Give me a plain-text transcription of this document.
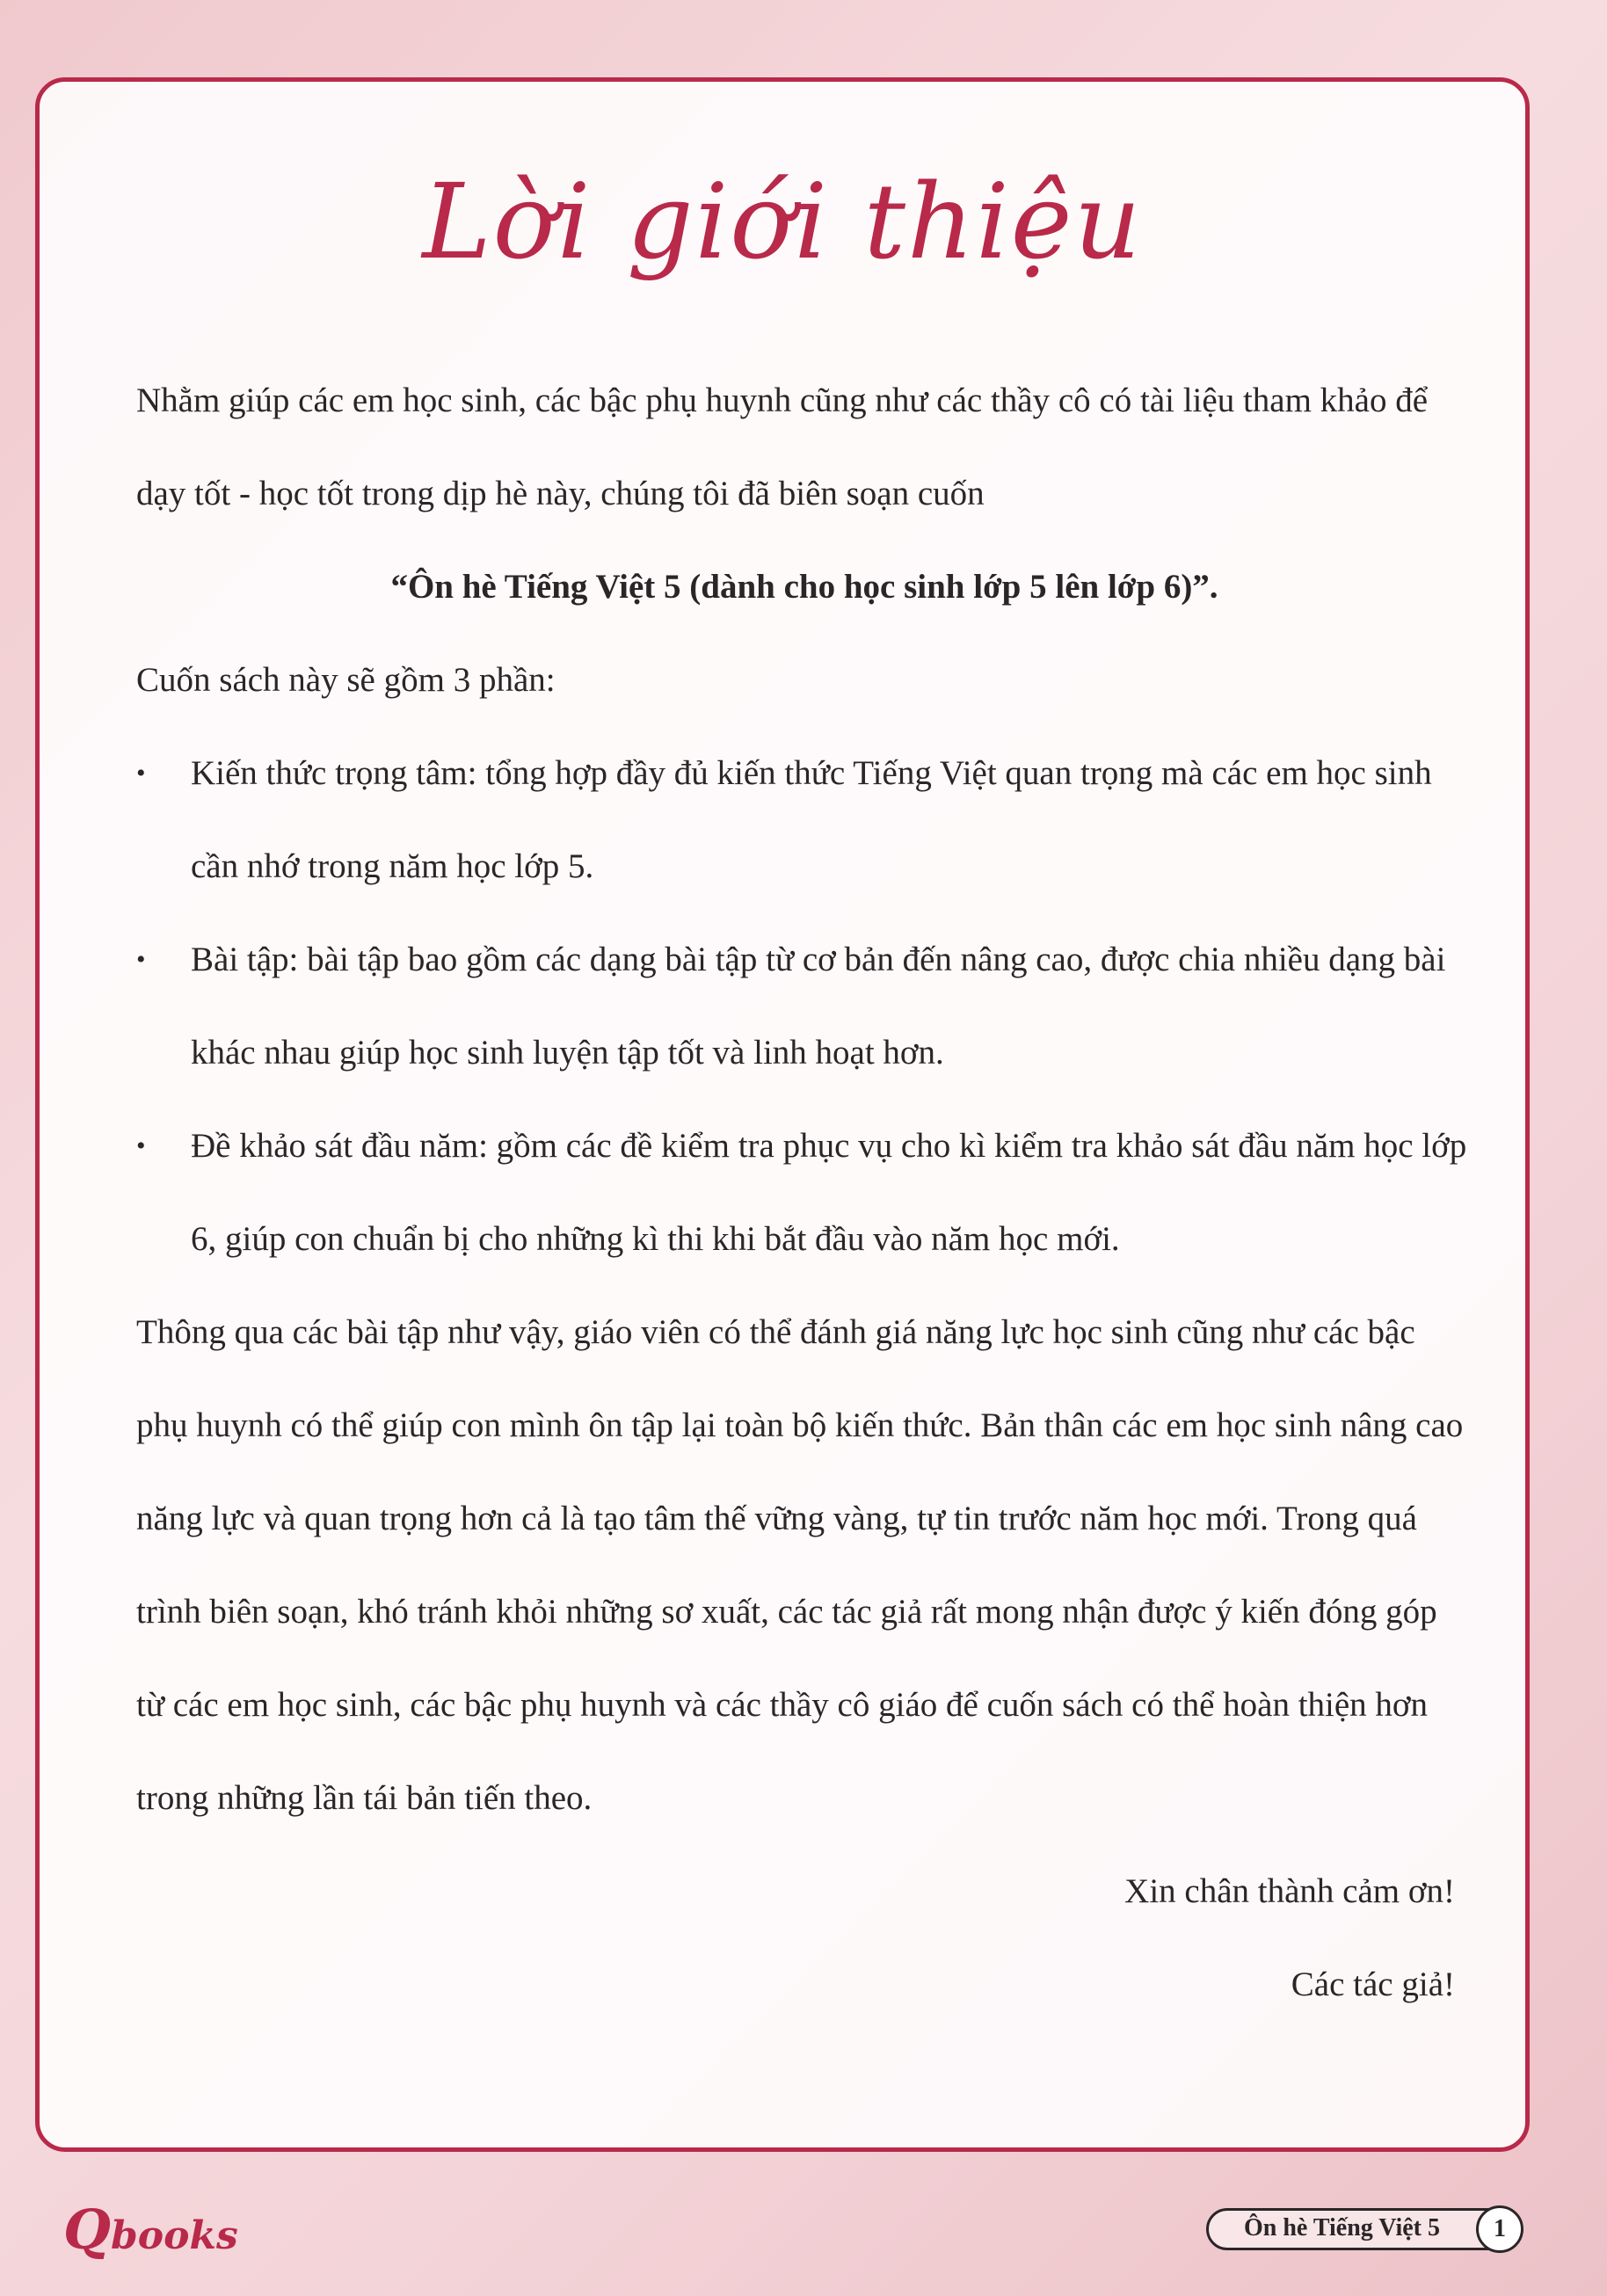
Lời giới thiệu

Nhằm giúp các em học sinh, các bậc phụ huynh cũng như các thầy cô có tài liệu tham khảo để dạy tốt - học tốt trong dịp hè này, chúng tôi đã biên soạn cuốn

“Ôn hè Tiếng Việt 5 (dành cho học sinh lớp 5 lên lớp 6)”.

Cuốn sách này sẽ gồm 3 phần:

• Kiến thức trọng tâm: tổng hợp đầy đủ kiến thức Tiếng Việt quan trọng mà các em học sinh cần nhớ trong năm học lớp 5.
• Bài tập: bài tập bao gồm các dạng bài tập từ cơ bản đến nâng cao, được chia nhiều dạng bài khác nhau giúp học sinh luyện tập tốt và linh hoạt hơn.
• Đề khảo sát đầu năm: gồm các đề kiểm tra phục vụ cho kì kiểm tra khảo sát đầu năm học lớp 6, giúp con chuẩn bị cho những kì thi khi bắt đầu vào năm học mới.

Thông qua các bài tập như vậy, giáo viên có thể đánh giá năng lực học sinh cũng như các bậc phụ huynh có thể giúp con mình ôn tập lại toàn bộ kiến thức. Bản thân các em học sinh nâng cao năng lực và quan trọng hơn cả là tạo tâm thế vững vàng, tự tin trước năm học mới. Trong quá trình biên soạn, khó tránh khỏi những sơ xuất, các tác giả rất mong nhận được ý kiến đóng góp từ các em học sinh, các bậc phụ huynh và các thầy cô giáo để cuốn sách có thể hoàn thiện hơn trong những lần tái bản tiến theo.

Xin chân thành cảm ơn!

Các tác giả!

Qbooks	Ôn hè Tiếng Việt 5	1
